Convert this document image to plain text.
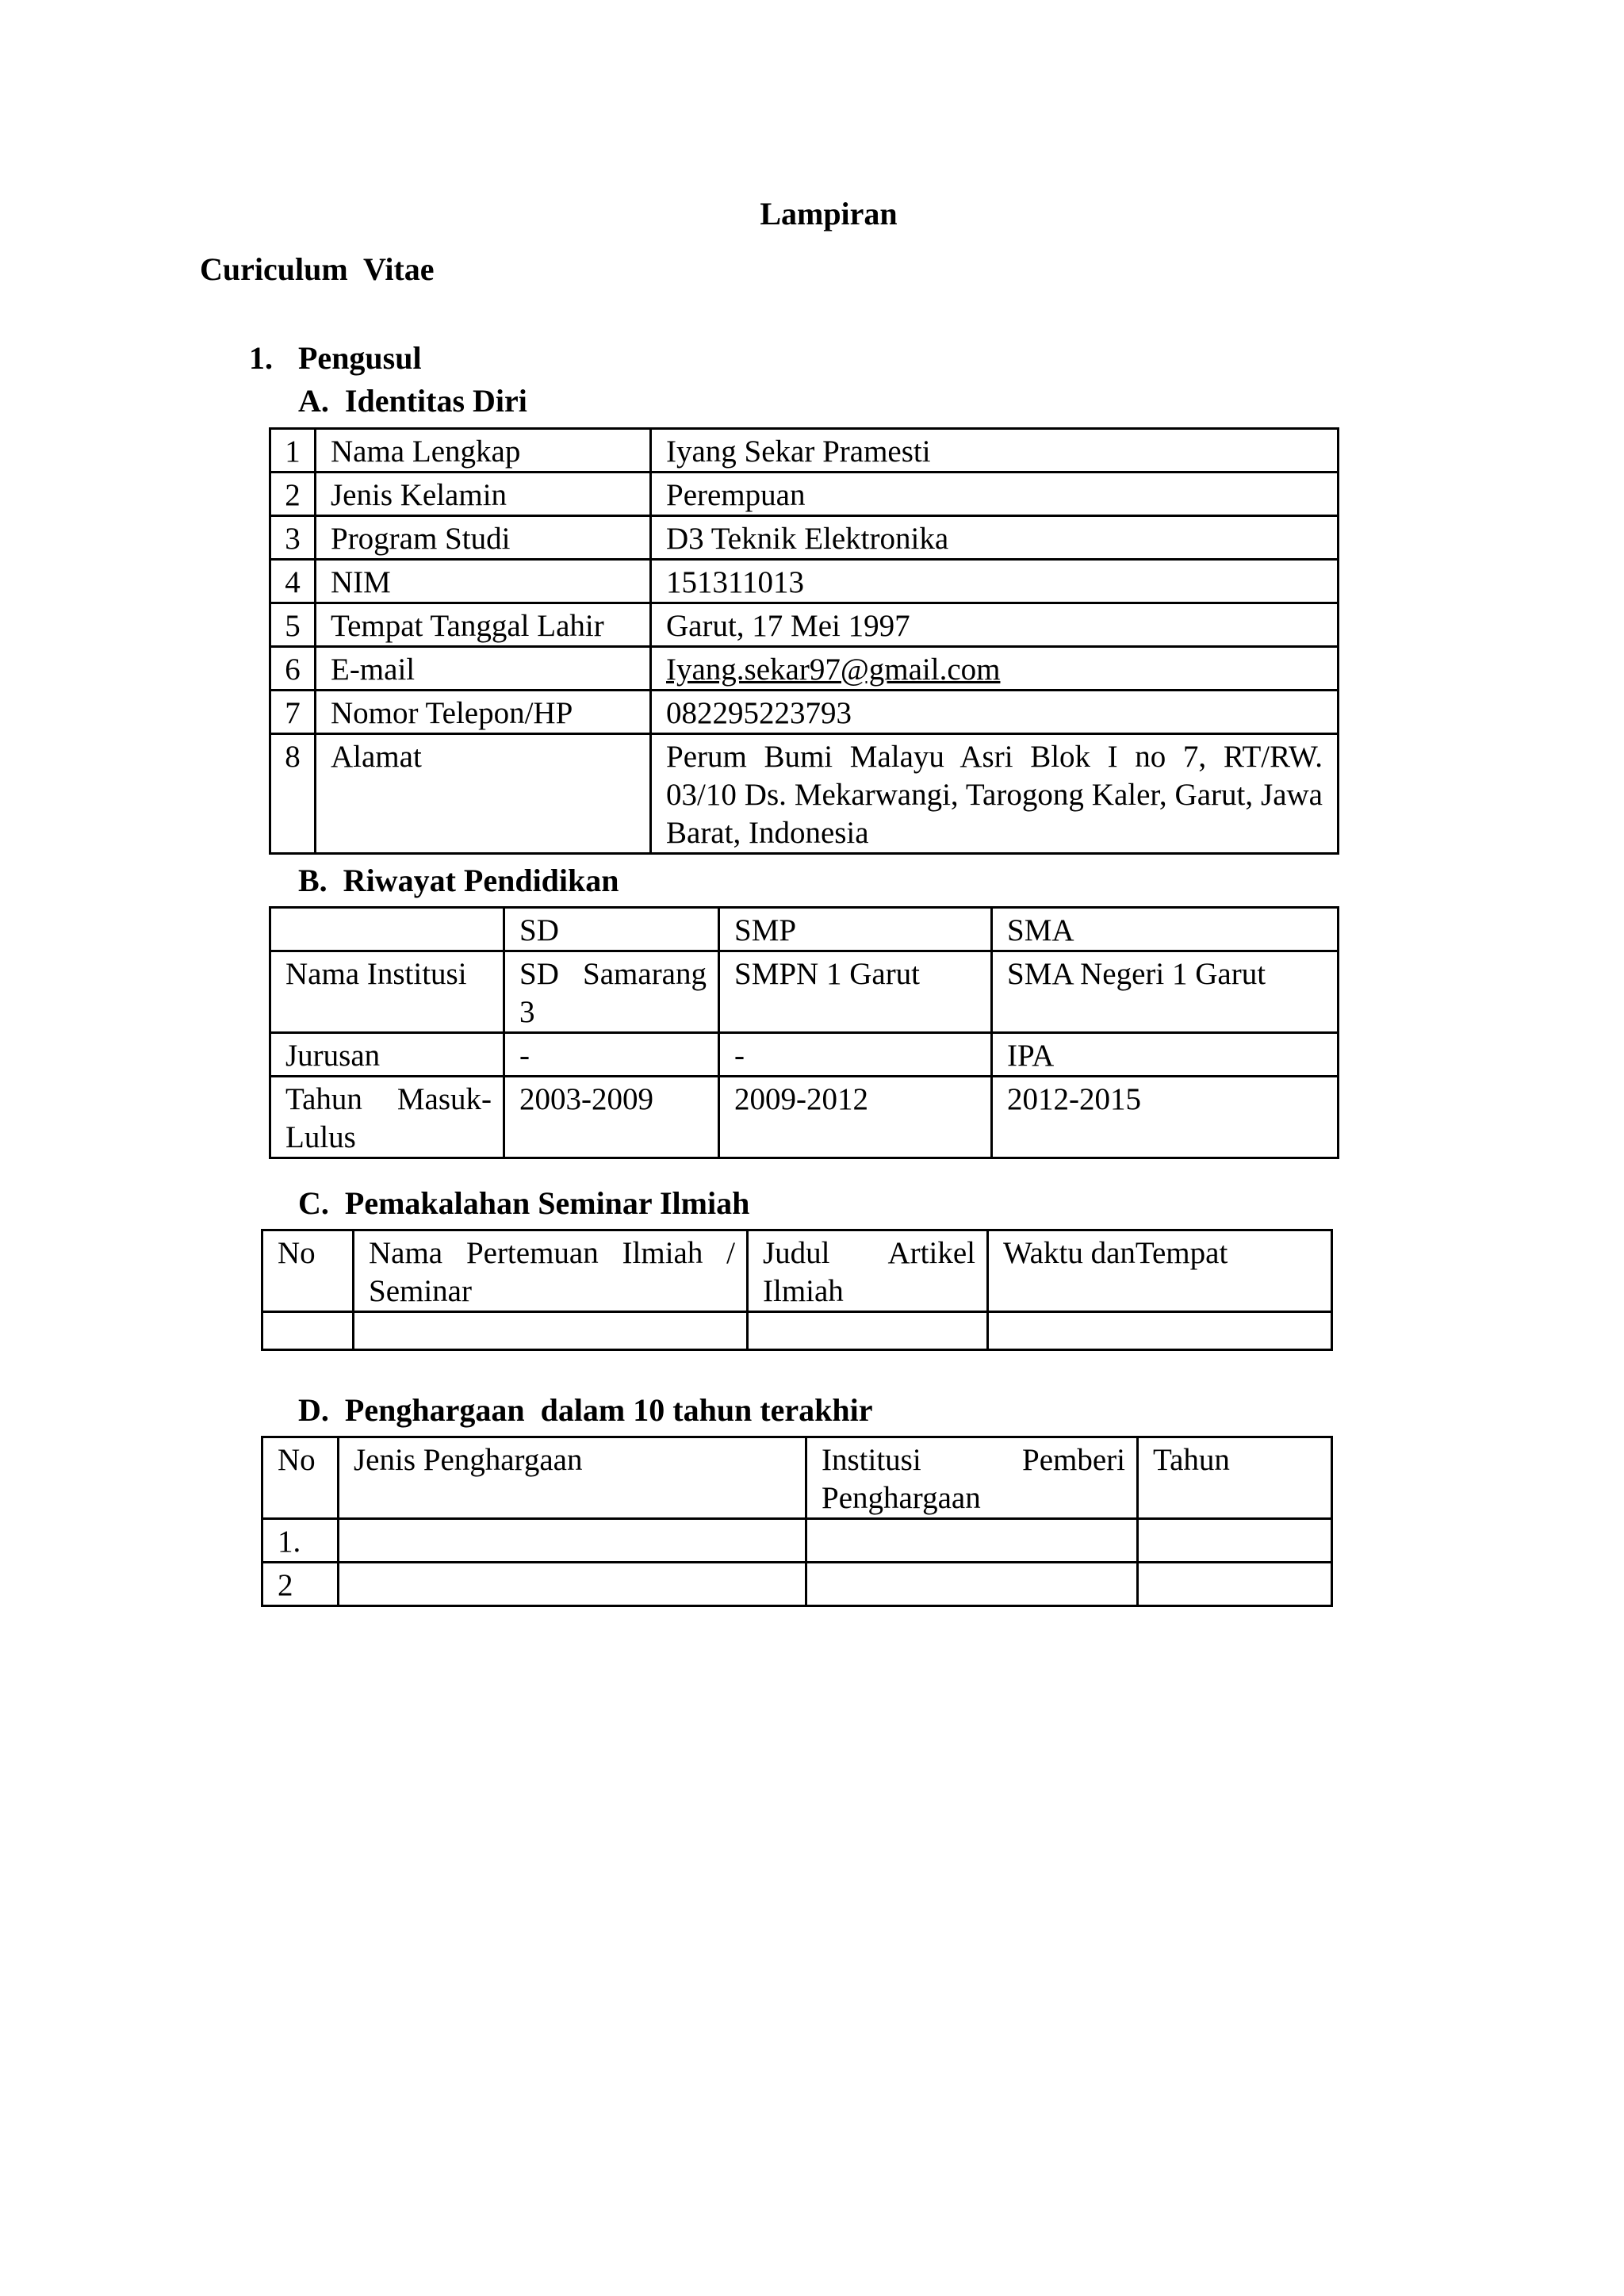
Lampiran
Curiculum  Vitae
1. Pengusul
A.  Identitas Diri
1	Nama Lengkap	Iyang Sekar Pramesti
2	Jenis Kelamin	Perempuan
3	Program Studi	D3 Teknik Elektronika
4	NIM	151311013
5	Tempat Tanggal Lahir	Garut, 17 Mei 1997
6	E-mail	Iyang.sekar97@gmail.com
7	Nomor Telepon/HP	082295223793
8	Alamat	Perum Bumi Malayu Asri Blok I no 7, RT/RW. 03/10 Ds. Mekarwangi, Tarogong Kaler, Garut, Jawa Barat, Indonesia
B.  Riwayat Pendidikan
	SD	SMP	SMA
Nama Institusi	SD Samarang 3	SMPN 1 Garut	SMA Negeri 1 Garut
Jurusan	-	-	IPA
Tahun Masuk-Lulus	2003-2009	2009-2012	2012-2015
C.  Pemakalahan Seminar Ilmiah
No	Nama Pertemuan Ilmiah / Seminar	Judul Artikel Ilmiah	Waktu danTempat

D.  Penghargaan  dalam 10 tahun terakhir
No	Jenis Penghargaan	Institusi Pemberi Penghargaan	Tahun
1.			
2			
